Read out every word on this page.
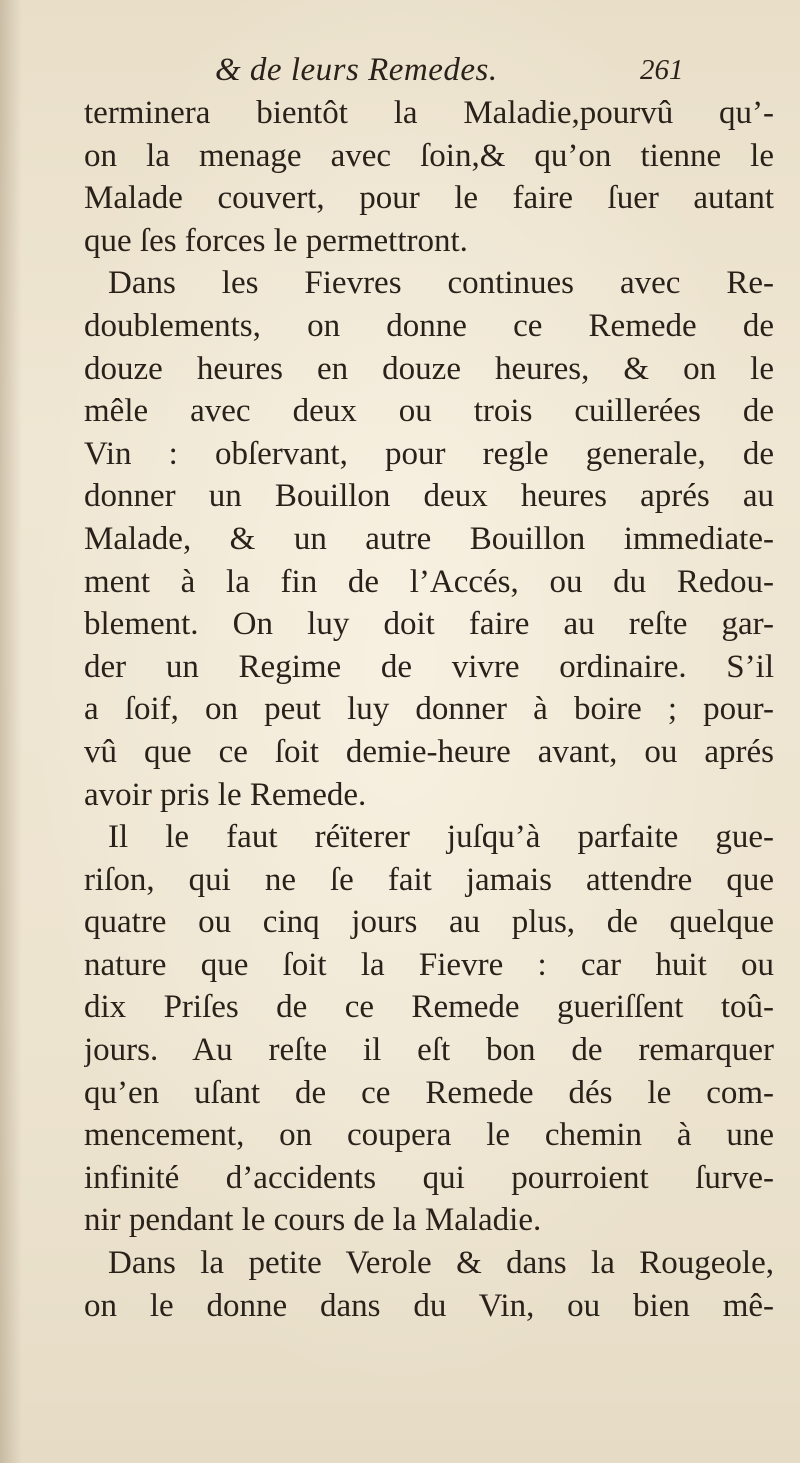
& de leurs Remedes.	261
terminera bientôt la Maladie,pourvû qu’-
on la menage avec ſoin,& qu’on tienne le
Malade couvert, pour le faire ſuer autant
que ſes forces le permettront.
Dans les Fievres continues avec Re-
doublements, on donne ce Remede de
douze heures en douze heures, & on le
mêle avec deux ou trois cuillerées de
Vin : obſervant, pour regle generale, de
donner un Bouillon deux heures aprés au
Malade, & un autre Bouillon immediate-
ment à la fin de l’Accés, ou du Redou-
blement. On luy doit faire au reſte gar-
der un Regime de vivre ordinaire. S’il
a ſoif, on peut luy donner à boire ; pour-
vû que ce ſoit demie-heure avant, ou aprés
avoir pris le Remede.
Il le faut réïterer juſqu’à parfaite gue-
riſon, qui ne ſe fait jamais attendre que
quatre ou cinq jours au plus, de quelque
nature que ſoit la Fievre : car huit ou
dix Priſes de ce Remede gueriſſent toû-
jours. Au reſte il eſt bon de remarquer
qu’en uſant de ce Remede dés le com-
mencement, on coupera le chemin à une
infinité d’accidents qui pourroient ſurve-
nir pendant le cours de la Maladie.
Dans la petite Verole & dans la Rougeole,
on le donne dans du Vin, ou bien mê-
